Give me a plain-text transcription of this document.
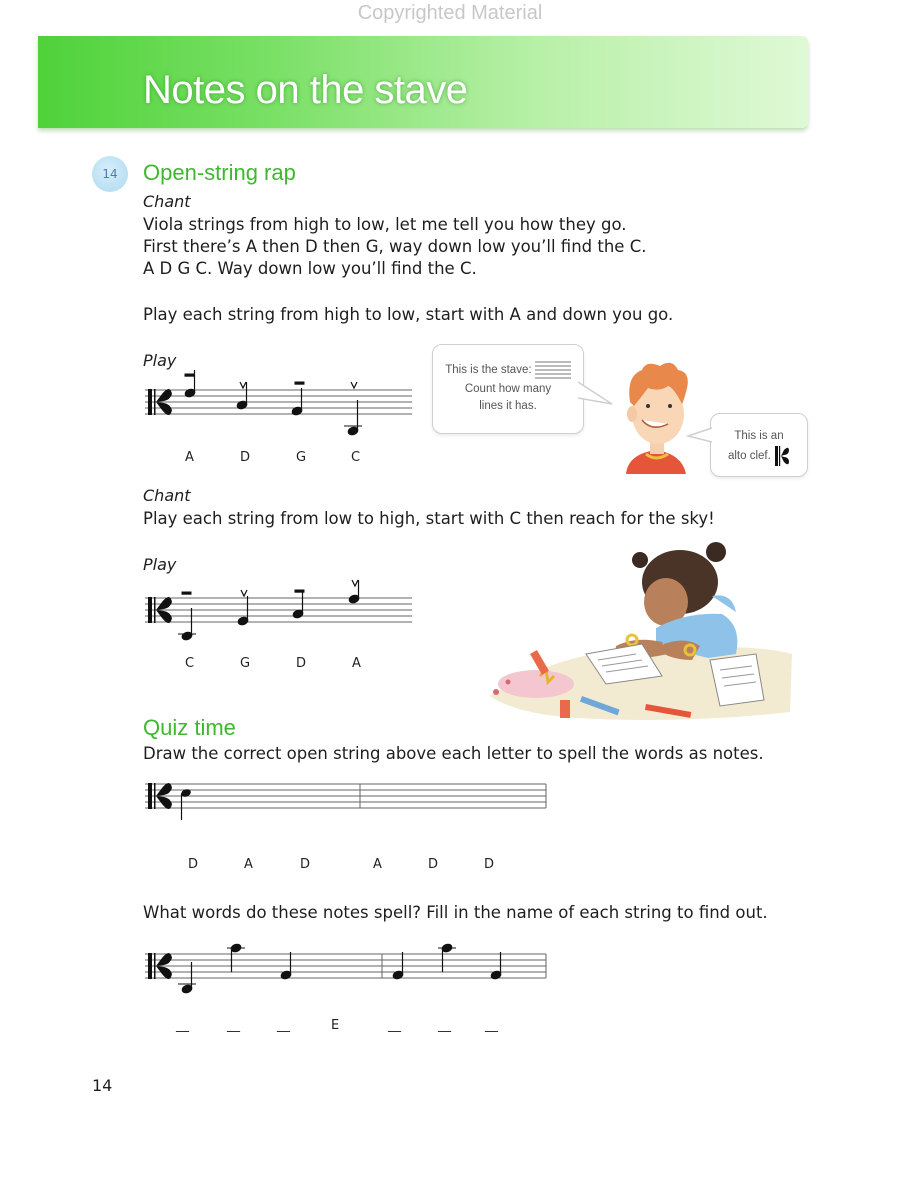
Copyrighted Material
Notes on the stave
14	Open-string rap
Chant
Viola strings from high to low, let me tell you how they go.
First there’s A then D then G, way down low you’ll find the C.
A D G C. Way down low you’ll find the C.
Play each string from high to low, start with A and down you go.
Play
A	D	G	C
This is the stave:
Count how many
lines it has.
This is an
alto clef.
Chant
Play each string from low to high, start with C then reach for the sky!
Play
C	G	D	A
Quiz time
Draw the correct open string above each letter to spell the words as notes.
D	A	D	A	D	D
What words do these notes spell? Fill in the name of each string to find out.
__	__	__	E	__	__	__
14
